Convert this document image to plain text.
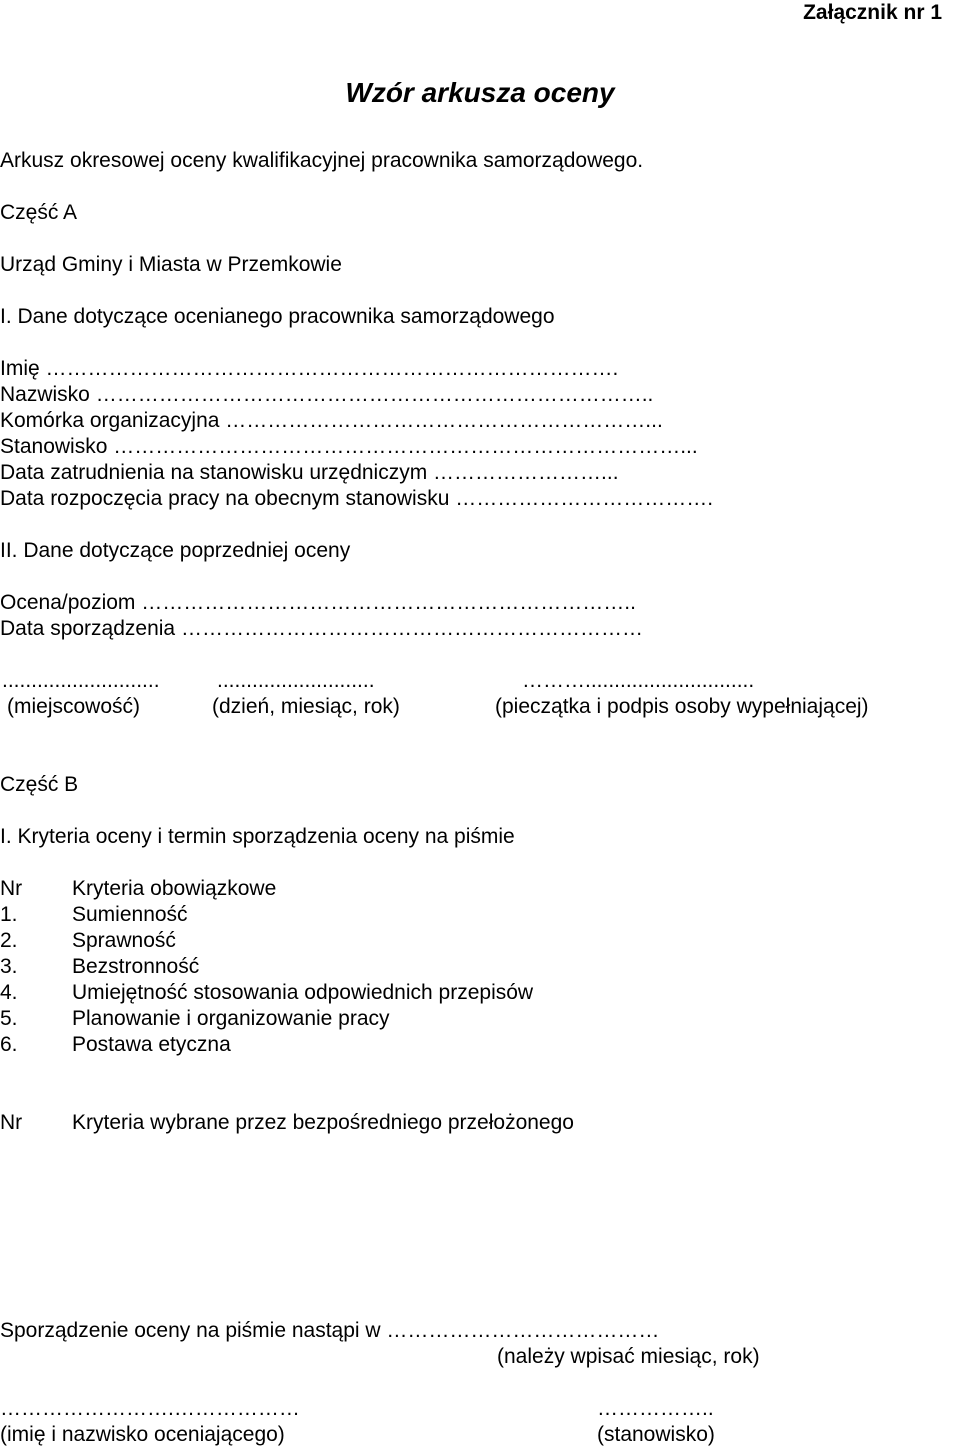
Załącznik nr 1
Wzór arkusza oceny
Arkusz okresowej oceny kwalifikacyjnej pracownika samorządowego.
Część A
Urząd Gminy i Miasta w Przemkowie
I. Dane dotyczące ocenianego pracownika samorządowego
Imię ……………………………………………………………………….
Nazwisko ……………………………………………………………………..
Komórka organizacyjna ……………………………………………………...
Stanowisko ………………………………………………………………………...
Data zatrudnienia na stanowisku urzędniczym ……………………...
Data rozpoczęcia pracy na obecnym stanowisku ……………………………….
II. Dane dotyczące poprzedniej oceny
Ocena/poziom ……………………………………………………………..
Data sporządzenia …………………………………………………………
...........................	...........................	……….............................
(miejscowość)	(dzień, miesiąc, rok)	(pieczątka i podpis osoby wypełniającej)
Część B
I. Kryteria oceny i termin sporządzenia oceny na piśmie
Nr Kryteria obowiązkowe
1.	Sumienność
2.	Sprawność
3.	Bezstronność
4.	Umiejętność stosowania odpowiednich przepisów
5.	Planowanie i organizowanie pracy
6.	Postawa etyczna
Nr Kryteria wybrane przez bezpośredniego przełożonego
Sporządzenie oceny na piśmie nastąpi w …………………………………
(należy wpisać miesiąc, rok)
…………………….………………	……………..
(imię i nazwisko oceniającego)	(stanowisko)
